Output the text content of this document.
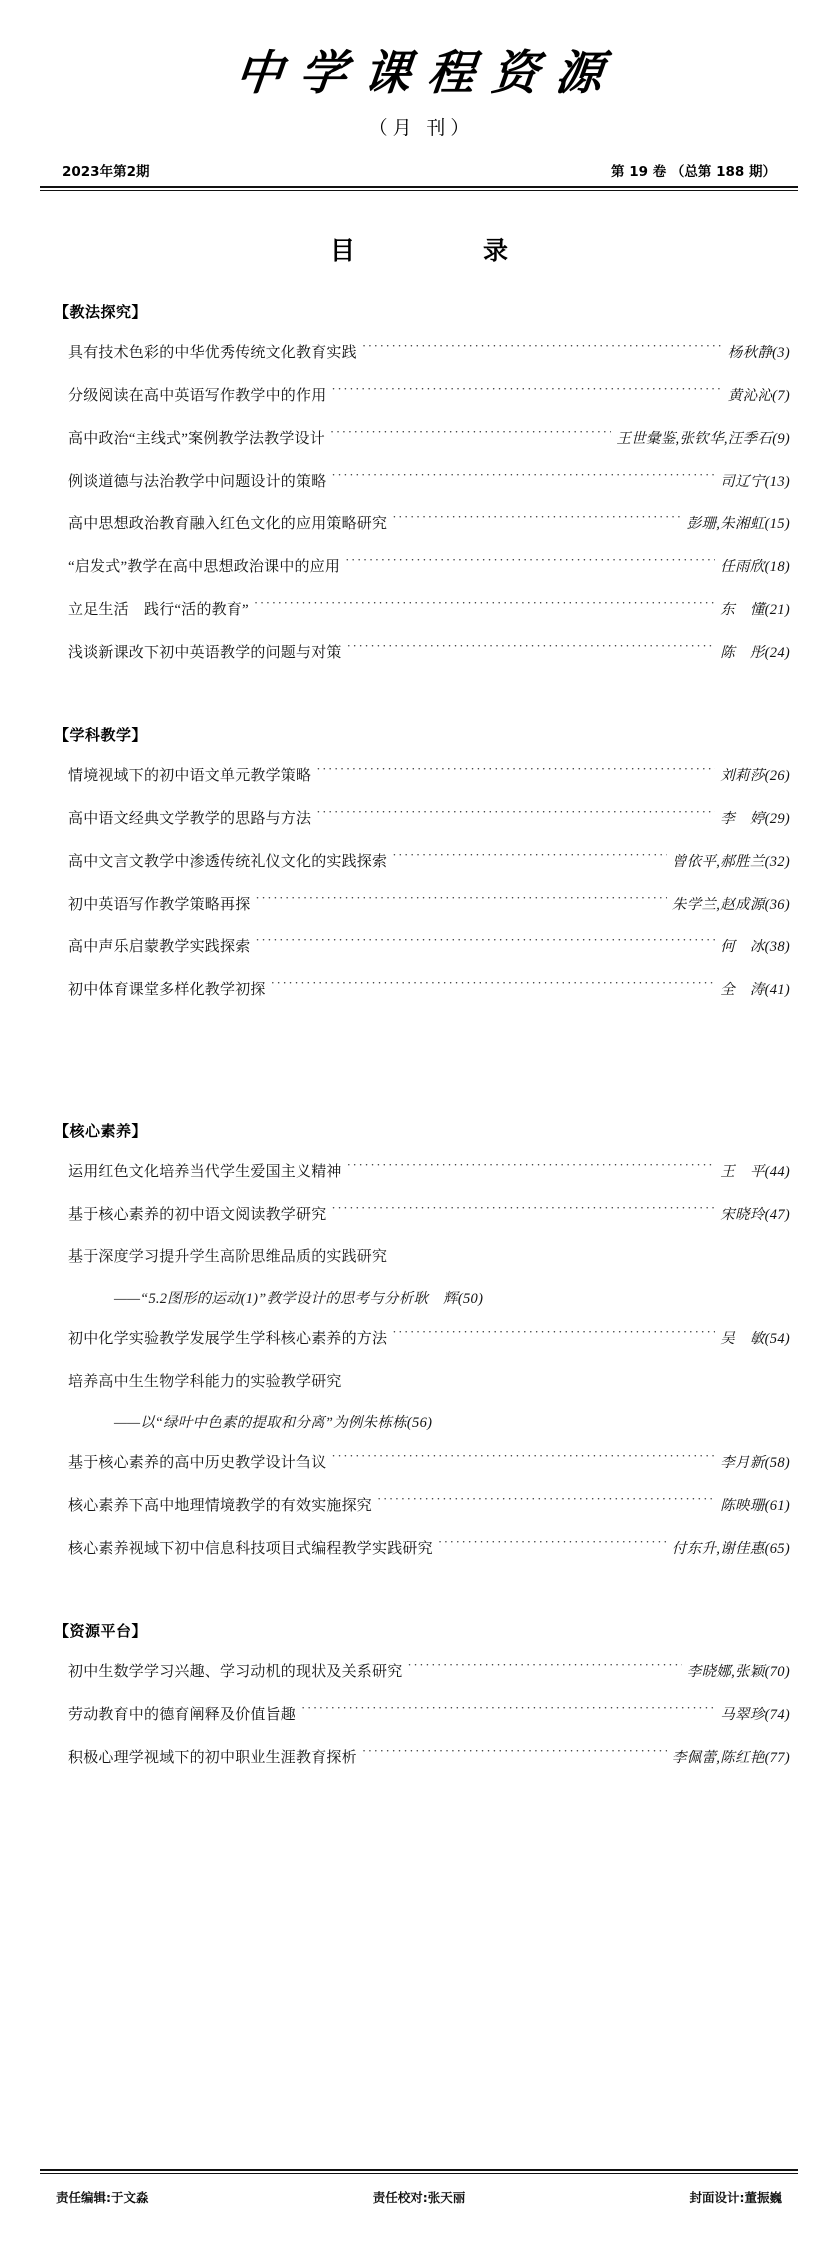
中学课程资源
（月 刊）
2023年第2期	第 19 卷 （总第 188 期）
目　　录
【教法探究】
具有技术色彩的中华优秀传统文化教育实践 ·····	杨秋静(3)
分级阅读在高中英语写作教学中的作用 ·····	黄沁沁(7)
高中政治“主线式”案例教学法教学设计 ·····	王世彙鉴,张钦华,汪季石(9)
例谈道德与法治教学中问题设计的策略 ·····	司辽宁(13)
高中思想政治教育融入红色文化的应用策略研究 ·····	彭珊,朱湘虹(15)
“启发式”教学在高中思想政治课中的应用 ·····	任雨欣(18)
立足生活　践行“活的教育” ·····	东　懂(21)
浅谈新课改下初中英语教学的问题与对策 ·····	陈　彤(24)
【学科教学】
情境视域下的初中语文单元教学策略 ·····	刘莉莎(26)
高中语文经典文学教学的思路与方法 ·····	李　婷(29)
高中文言文教学中渗透传统礼仪文化的实践探索 ·····	曾依平,郝胜兰(32)
初中英语写作教学策略再探 ·····	朱学兰,赵成源(36)
高中声乐启蒙教学实践探索 ·····	何　冰(38)
初中体育课堂多样化教学初探 ·····	全　涛(41)
【核心素养】
运用红色文化培养当代学生爱国主义精神 ·····	王　平(44)
基于核心素养的初中语文阅读教学研究 ·····	宋晓玲(47)
基于深度学习提升学生高阶思维品质的实践研究
——“5.2图形的运动(1)”教学设计的思考与分析 耿　辉(50)
初中化学实验教学发展学生学科核心素养的方法 ·····	吴　敏(54)
培养高中生生物学科能力的实验教学研究
——以“绿叶中色素的提取和分离”为例 朱栋栋(56)
基于核心素养的高中历史教学设计刍议 ·····	李月新(58)
核心素养下高中地理情境教学的有效实施探究 ·····	陈映珊(61)
核心素养视域下初中信息科技项目式编程教学实践研究 ·····	付东升,谢佳惠(65)
【资源平台】
初中生数学学习兴趣、学习动机的现状及关系研究 ·····	李晓娜,张颖(70)
劳动教育中的德育阐释及价值旨趣 ·····	马翠珍(74)
积极心理学视域下的初中职业生涯教育探析 ·····	李佩蕾,陈红艳(77)
责任编辑:于文淼	责任校对:张天丽	封面设计:董振巍
